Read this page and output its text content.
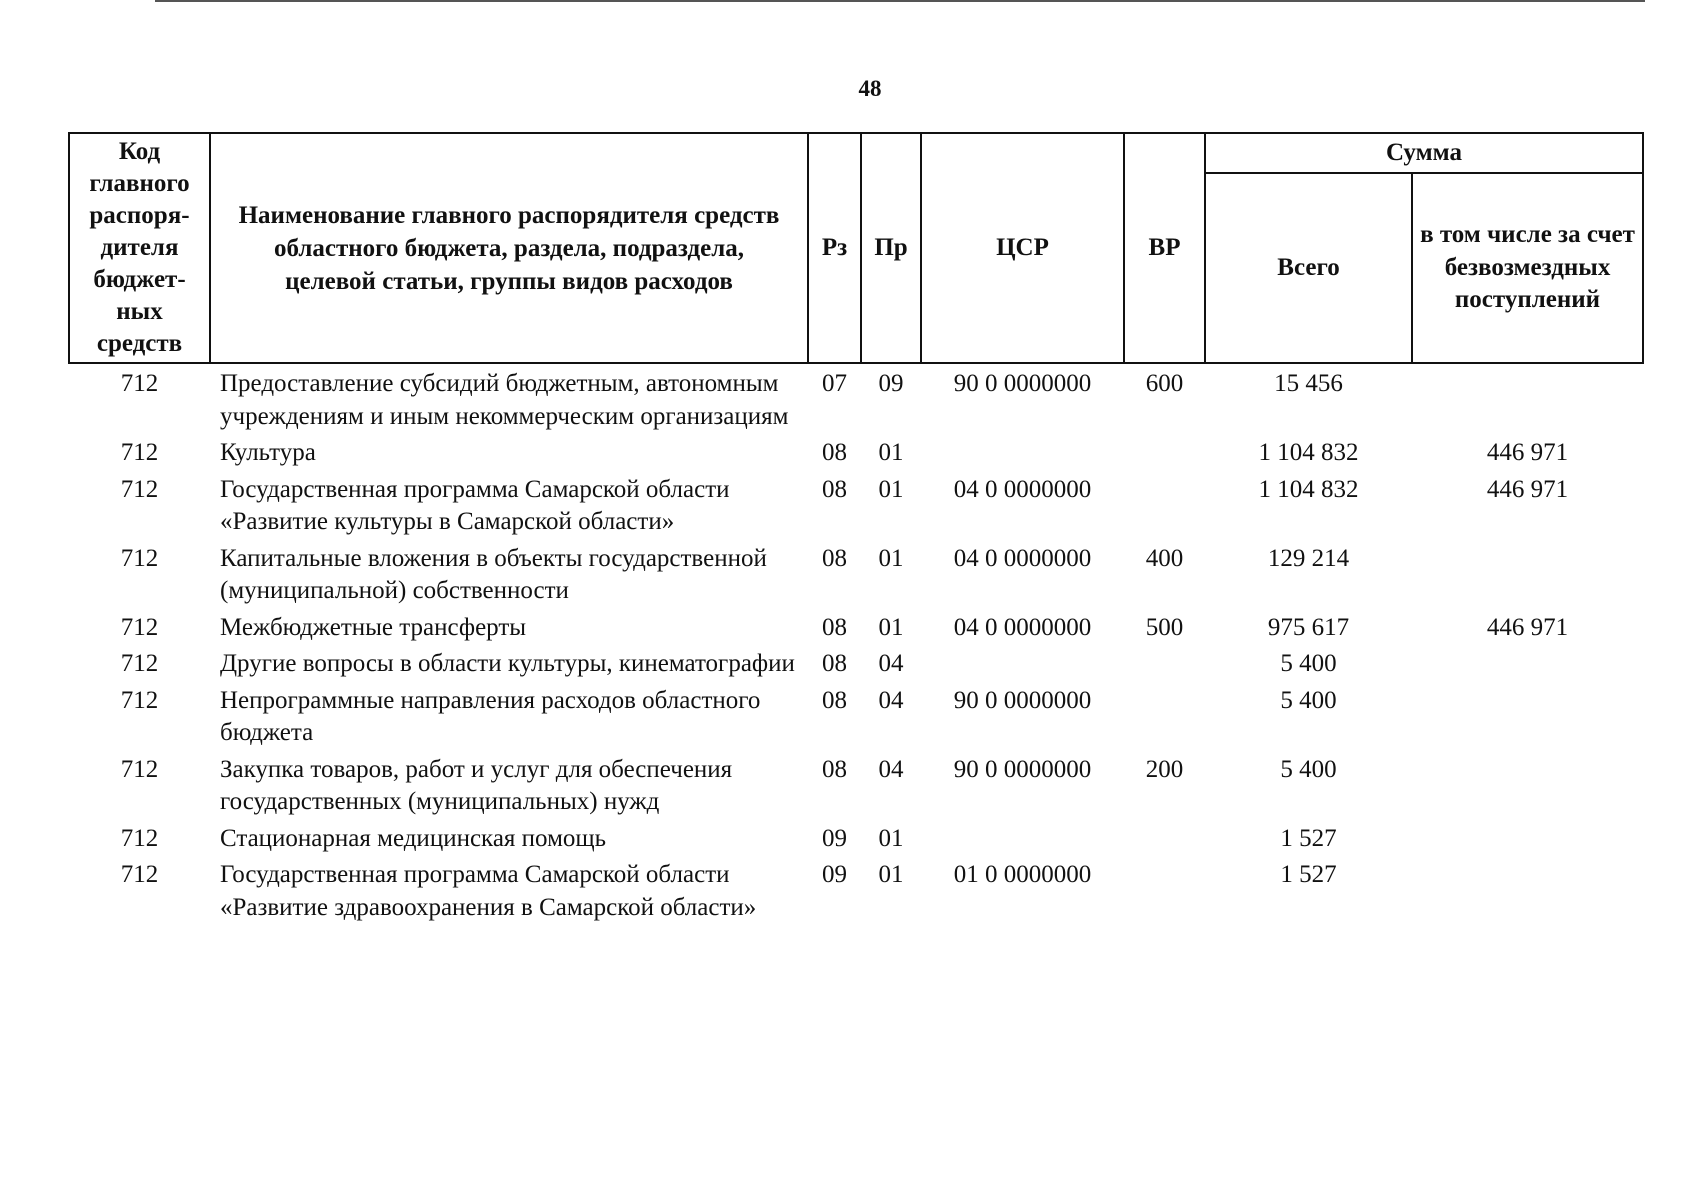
48
Код главного распоря-дителя бюджет-ных средств	Наименование главного распорядителя средств областного бюджета, раздела, подраздела, целевой статьи, группы видов расходов	Рз	Пр	ЦСР	ВР	Сумма	
						Всего	в том числе за счет безвозмездных поступлений
712	Предоставление субсидий бюджетным, автономным учреждениям и иным некоммерческим организациям	07	09	90 0 0000000	600	15 456	
712	Культура	08	01			1 104 832	446 971
712	Государственная программа Самарской области «Развитие культуры в Самарской области»	08	01	04 0 0000000		1 104 832	446 971
712	Капитальные вложения в объекты государственной (муниципальной) собственности	08	01	04 0 0000000	400	129 214	
712	Межбюджетные трансферты	08	01	04 0 0000000	500	975 617	446 971
712	Другие вопросы в области культуры, кинематографии	08	04			5 400	
712	Непрограммные направления расходов областного бюджета	08	04	90 0 0000000		5 400	
712	Закупка товаров, работ и услуг для обеспечения государственных (муниципальных) нужд	08	04	90 0 0000000	200	5 400	
712	Стационарная медицинская помощь	09	01			1 527	
712	Государственная программа Самарской области «Развитие здравоохранения в Самарской области»	09	01	01 0 0000000		1 527	
